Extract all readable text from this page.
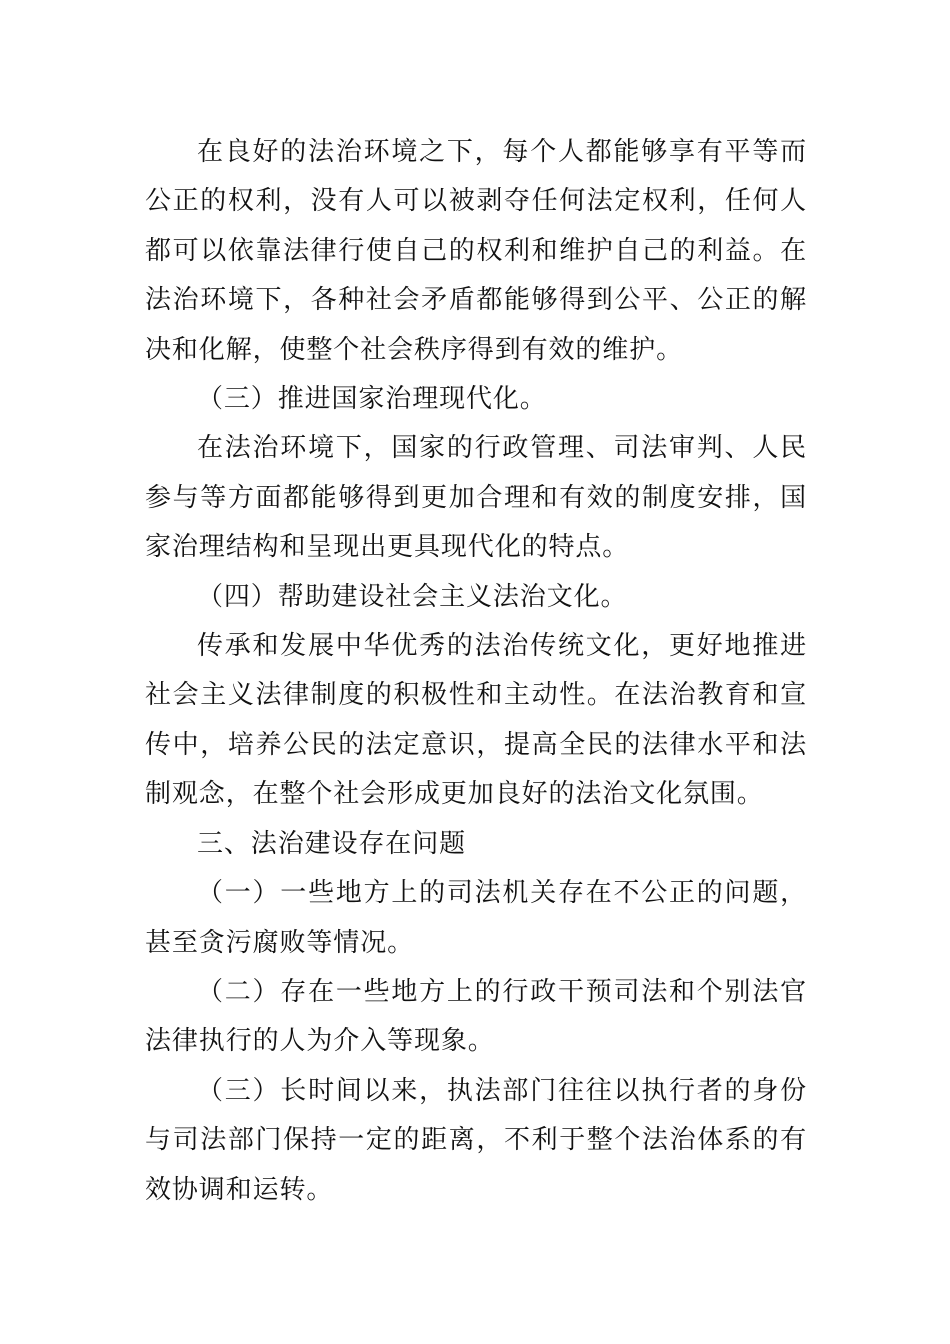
在良好的法治环境之下，每个人都能够享有平等而公正的权利，没有人可以被剥夺任何法定权利，任何人都可以依靠法律行使自己的权利和维护自己的利益。在法治环境下，各种社会矛盾都能够得到公平、公正的解决和化解，使整个社会秩序得到有效的维护。

（三）推进国家治理现代化。

在法治环境下，国家的行政管理、司法审判、人民参与等方面都能够得到更加合理和有效的制度安排，国家治理结构和呈现出更具现代化的特点。

（四）帮助建设社会主义法治文化。

传承和发展中华优秀的法治传统文化，更好地推进社会主义法律制度的积极性和主动性。在法治教育和宣传中，培养公民的法定意识，提高全民的法律水平和法制观念，在整个社会形成更加良好的法治文化氛围。

三、法治建设存在问题

（一）一些地方上的司法机关存在不公正的问题，甚至贪污腐败等情况。

（二）存在一些地方上的行政干预司法和个别法官法律执行的人为介入等现象。

（三）长时间以来，执法部门往往以执行者的身份与司法部门保持一定的距离，不利于整个法治体系的有效协调和运转。
